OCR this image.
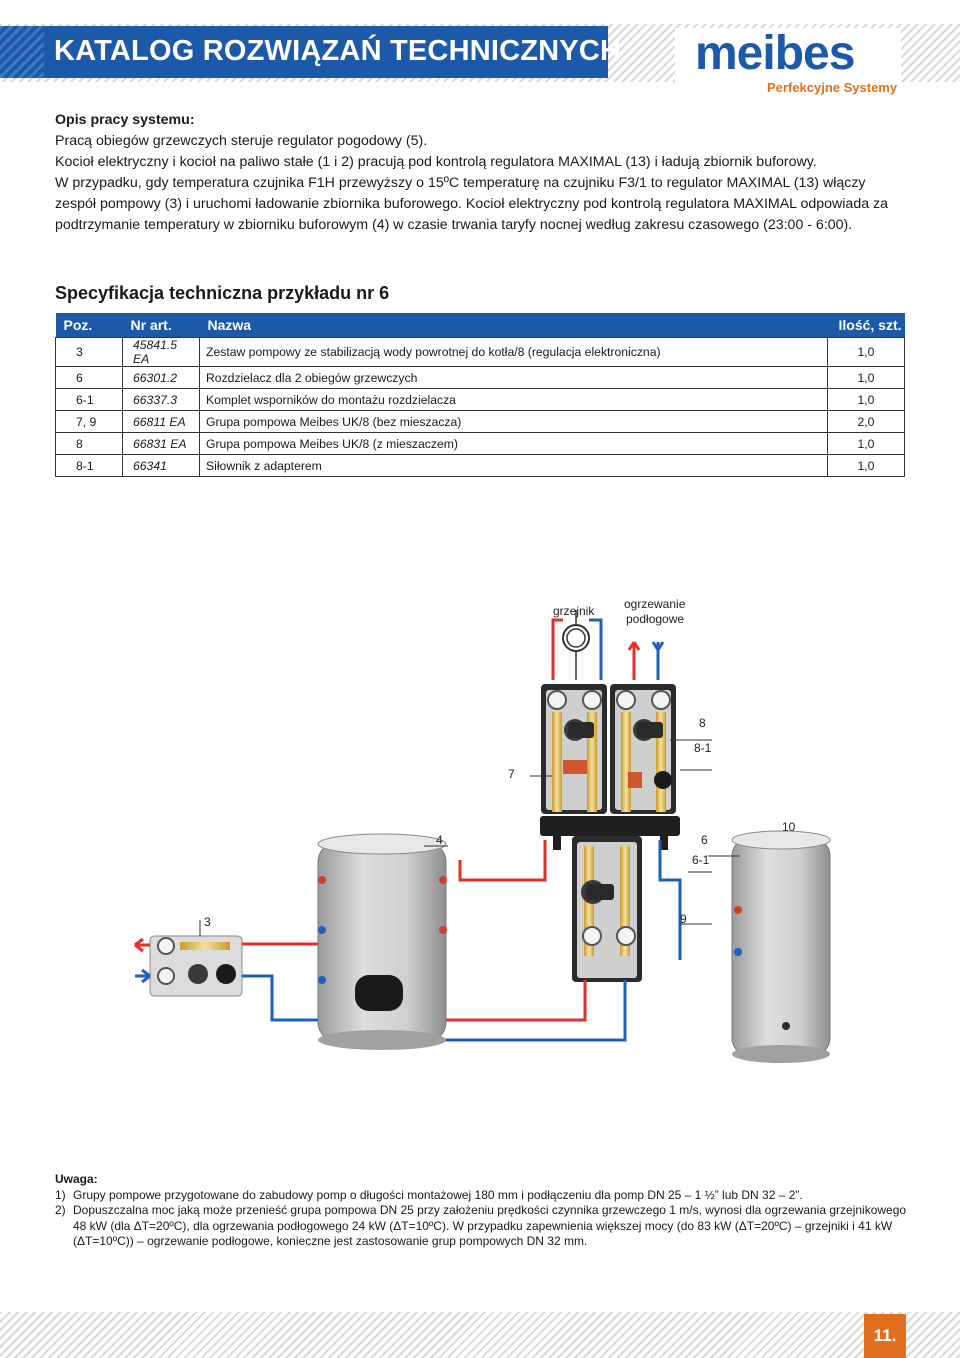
KATALOG ROZWIĄZAŃ TECHNICZNYCH meibes
Perfekcyjne Systemy
Opis pracy systemu:

Pracą obiegów grzewczych steruje regulator pogodowy (5).

Kocioł elektryczny i kocioł na paliwo stałe (1 i 2) pracują pod kontrolą regulatora MAXIMAL (13) i ładują zbiornik buforowy.

W przypadku, gdy temperatura czujnika F1H przewyższy o 15ºC temperaturę na czujniku F3/1 to regulator MAXIMAL (13) włączy zespół pompowy (3) i uruchomi ładowanie zbiornika buforowego. Kocioł elektryczny pod kontrolą regulatora MAXIMAL odpowiada za podtrzymanie temperatury w zbiorniku buforowym (4) w czasie trwania taryfy nocnej według zakresu czasowego (23:00 - 6:00).

Specyfikacja techniczna przykładu nr 6
Poz.	Nr art.	Nazwa	Ilość, szt.
3	45841.5 EA	Zestaw pompowy ze stabilizacją wody powrotnej do kotła/8 (regulacja elektroniczna)	1,0
6	66301.2	Rozdzielacz dla 2 obiegów grzewczych	1,0
6-1	66337.3	Komplet wsporników do montażu rozdzielacza	1,0
7, 9	66811 EA	Grupa pompowa Meibes UK/8 (bez mieszacza)	2,0
8	66831 EA	Grupa pompowa Meibes UK/8 (z mieszaczem)	1,0
8-1	66341	Siłownik z adapterem	1,0
grzejnik ogrzewanie
podłogowe
8
8-1
7
10
4	6
6-1
3	9
Uwaga:
1) Grupy pompowe przygotowane do zabudowy pomp o długości montażowej 180 mm i podłączeniu dla pomp DN 25 – 1 ½” lub DN 32 – 2”.
2) Dopuszczalna moc jaką może przenieść grupa pompowa DN 25 przy założeniu prędkości czynnika grzewczego 1 m/s, wynosi dla ogrzewania grzejnikowego 48 kW (dla ΔT=20ºC), dla ogrzewania podłogowego 24 kW (ΔT=10ºC). W przypadku zapewnienia większej mocy (do 83 kW (ΔT=20ºC) – grzejniki i 41 kW (ΔT=10ºC)) – ogrzewanie podłogowe, konieczne jest zastosowanie grup pompowych DN 32 mm.
11.
